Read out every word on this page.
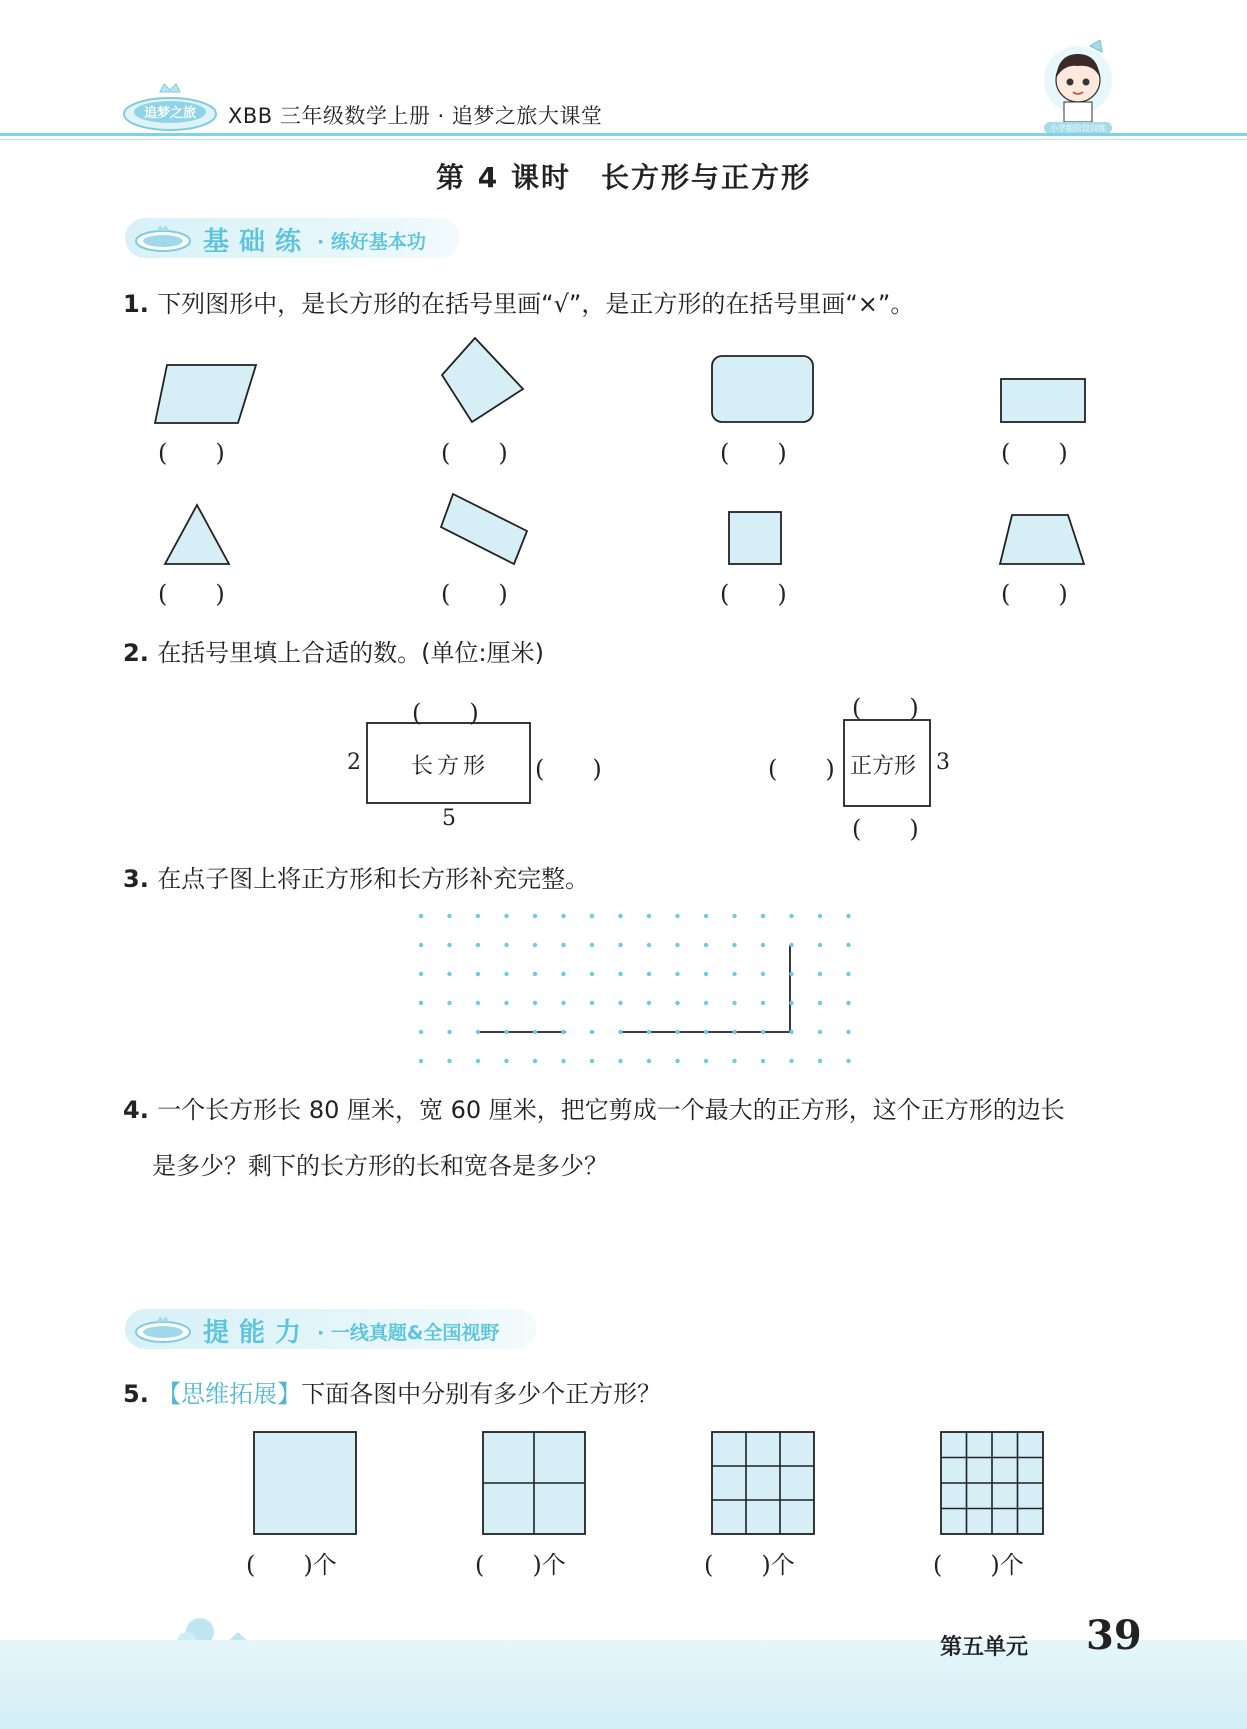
追梦之旅 XBB 三年级数学上册 · 追梦之旅大课堂
小学版阶段训练
第 4 课时　长方形与正方形
基础练 · 练好基本功
1. 下列图形中，是长方形的在括号里画“√”，是正方形的在括号里画“×”。
(　　)	(　　)	(　　)	(　　)
(　　)	(　　)	(　　)	(　　)
2. 在括号里填上合适的数。(单位:厘米)
(　　)
2 长方形 (　　)
5
(　　)
(　　) 正方形 3
(　　)
3. 在点子图上将正方形和长方形补充完整。
4. 一个长方形长 80 厘米，宽 60 厘米，把它剪成一个最大的正方形，这个正方形的边长
是多少？剩下的长方形的长和宽各是多少？
提能力 · 一线真题&全国视野
5. 【思维拓展】下面各图中分别有多少个正方形？
(　　)个	(　　)个	(　　)个	(　　)个
第五单元 39
